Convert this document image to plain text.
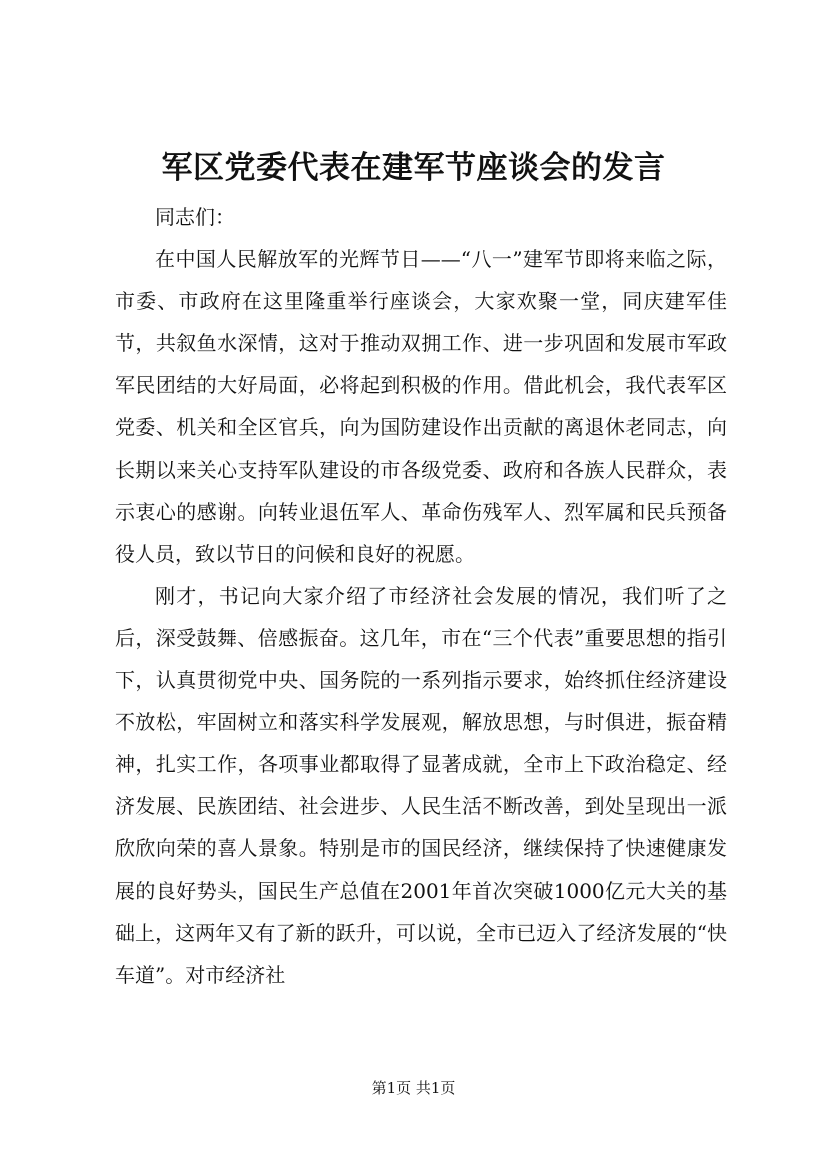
军区党委代表在建军节座谈会的发言

同志们：

在中国人民解放军的光辉节日——“八一”建军节即将来临之际，市委、市政府在这里隆重举行座谈会，大家欢聚一堂，同庆建军佳节，共叙鱼水深情，这对于推动双拥工作、进一步巩固和发展市军政军民团结的大好局面，必将起到积极的作用。借此机会，我代表军区党委、机关和全区官兵，向为国防建设作出贡献的离退休老同志，向长期以来关心支持军队建设的市各级党委、政府和各族人民群众，表示衷心的感谢。向转业退伍军人、革命伤残军人、烈军属和民兵预备役人员，致以节日的问候和良好的祝愿。

刚才，书记向大家介绍了市经济社会发展的情况，我们听了之后，深受鼓舞、倍感振奋。这几年，市在“三个代表”重要思想的指引下，认真贯彻党中央、国务院的一系列指示要求，始终抓住经济建设不放松，牢固树立和落实科学发展观，解放思想，与时俱进，振奋精神，扎实工作，各项事业都取得了显著成就，全市上下政治稳定、经济发展、民族团结、社会进步、人民生活不断改善，到处呈现出一派欣欣向荣的喜人景象。特别是市的国民经济，继续保持了快速健康发展的良好势头，国民生产总值在2001年首次突破1000亿元大关的基础上，这两年又有了新的跃升，可以说，全市已迈入了经济发展的“快车道”。对市经济社

第1页 共1页
